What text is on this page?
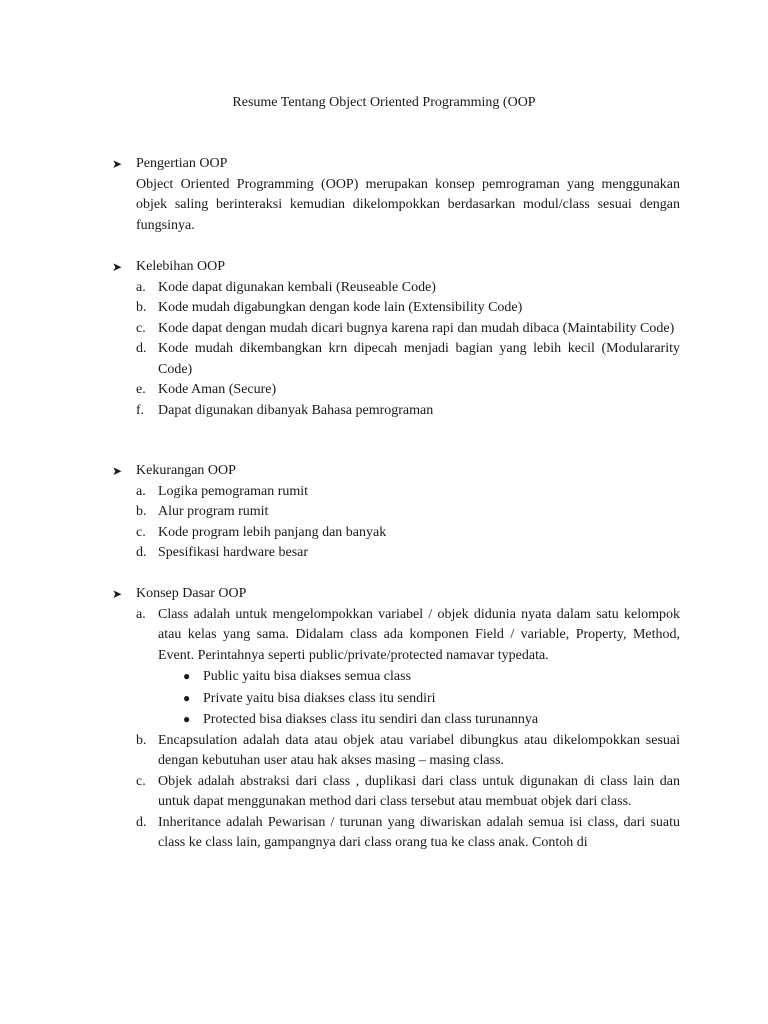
Resume Tentang Object Oriented Programming (OOP
➤ Pengertian OOP
Object Oriented Programming (OOP) merupakan konsep pemrograman yang menggunakan objek saling berinteraksi kemudian dikelompokkan berdasarkan modul/class sesuai dengan fungsinya.
➤ Kelebihan OOP
a. Kode dapat digunakan kembali (Reuseable Code)
b. Kode mudah digabungkan dengan kode lain (Extensibility Code)
c. Kode dapat dengan mudah dicari bugnya karena rapi dan mudah dibaca (Maintability Code)
d. Kode mudah dikembangkan krn dipecah menjadi bagian yang lebih kecil (Modulararity Code)
e. Kode Aman (Secure)
f. Dapat digunakan dibanyak Bahasa pemrograman
➤ Kekurangan OOP
a. Logika pemograman rumit
b. Alur program rumit
c. Kode program lebih panjang dan banyak
d. Spesifikasi hardware besar
➤ Konsep Dasar OOP
a. Class adalah untuk mengelompokkan variabel / objek didunia nyata dalam satu kelompok atau kelas yang sama. Didalam class ada komponen Field / variable, Property, Method, Event. Perintahnya seperti public/private/protected namavar typedata.
● Public yaitu bisa diakses semua class
● Private yaitu bisa diakses class itu sendiri
● Protected bisa diakses class itu sendiri dan class turunannya
b. Encapsulation adalah data atau objek atau variabel dibungkus atau dikelompokkan sesuai dengan kebutuhan user atau hak akses masing – masing class.
c. Objek adalah abstraksi dari class , duplikasi dari class untuk digunakan di class lain dan untuk dapat menggunakan method dari class tersebut atau membuat objek dari class.
d. Inheritance adalah Pewarisan / turunan yang diwariskan adalah semua isi class, dari suatu class ke class lain, gampangnya dari class orang tua ke class anak. Contoh di
